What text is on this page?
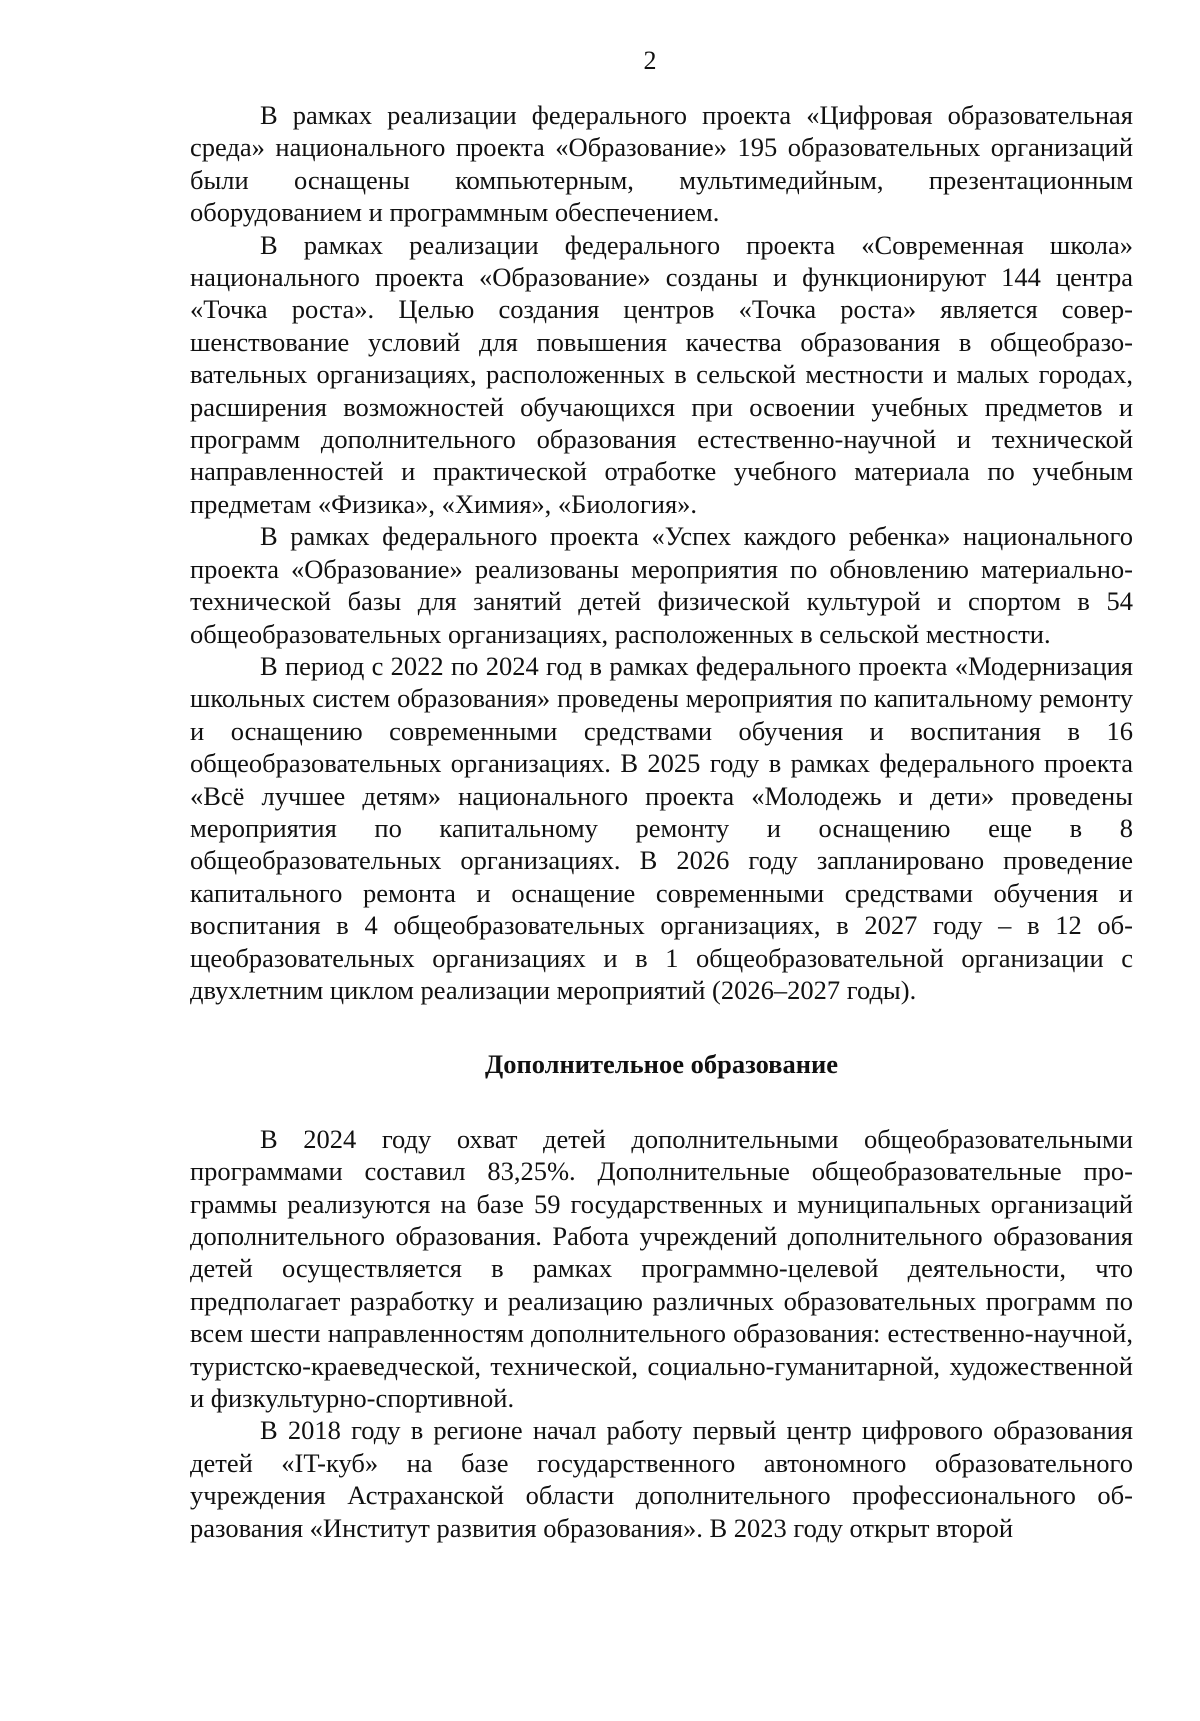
2

В рамках реализации федерального проекта «Цифровая образовательная среда» национального проекта «Образование» 195 образовательных организаций были оснащены компьютерным, мультимедийным, презентационным оборудованием и программным обеспечением.

В рамках реализации федерального проекта «Современная школа» национального проекта «Образование» созданы и функционируют 144 центра «Точка роста». Целью создания центров «Точка роста» является совершенствование условий для повышения качества образования в общеобразовательных организациях, расположенных в сельской местности и малых городах, расширения возможностей обучающихся при освоении учебных предметов и программ дополнительного образования естественно-научной и технической направленностей и практической отработке учебного материала по учебным предметам «Физика», «Химия», «Биология».

В рамках федерального проекта «Успех каждого ребенка» национального проекта «Образование» реализованы мероприятия по обновлению материально-технической базы для занятий детей физической культурой и спортом в 54 общеобразовательных организациях, расположенных в сельской местности.

В период с 2022 по 2024 год в рамках федерального проекта «Модернизация школьных систем образования» проведены мероприятия по капитальному ремонту и оснащению современными средствами обучения и воспитания в 16 общеобразовательных организациях. В 2025 году в рамках федерального проекта «Всё лучшее детям» национального проекта «Молодежь и дети» проведены мероприятия по капитальному ремонту и оснащению еще в 8 общеобразовательных организациях. В 2026 году запланировано проведение капитального ремонта и оснащение современными средствами обучения и воспитания в 4 общеобразовательных организациях, в 2027 году – в 12 общеобразовательных организациях и в 1 общеобразовательной организации с двухлетним циклом реализации мероприятий (2026–2027 годы).

Дополнительное образование

В 2024 году охват детей дополнительными общеобразовательными программами составил 83,25%. Дополнительные общеобразовательные программы реализуются на базе 59 государственных и муниципальных организаций дополнительного образования. Работа учреждений дополнительного образования детей осуществляется в рамках программно-целевой деятельности, что предполагает разработку и реализацию различных образовательных программ по всем шести направленностям дополнительного образования: естественно-научной, туристско-краеведческой, технической, социально-гуманитарной, художественной и физкультурно-спортивной.

В 2018 году в регионе начал работу первый центр цифрового образования детей «IT-куб» на базе государственного автономного образовательного учреждения Астраханской области дополнительного профессионального образования «Институт развития образования». В 2023 году открыт второй
